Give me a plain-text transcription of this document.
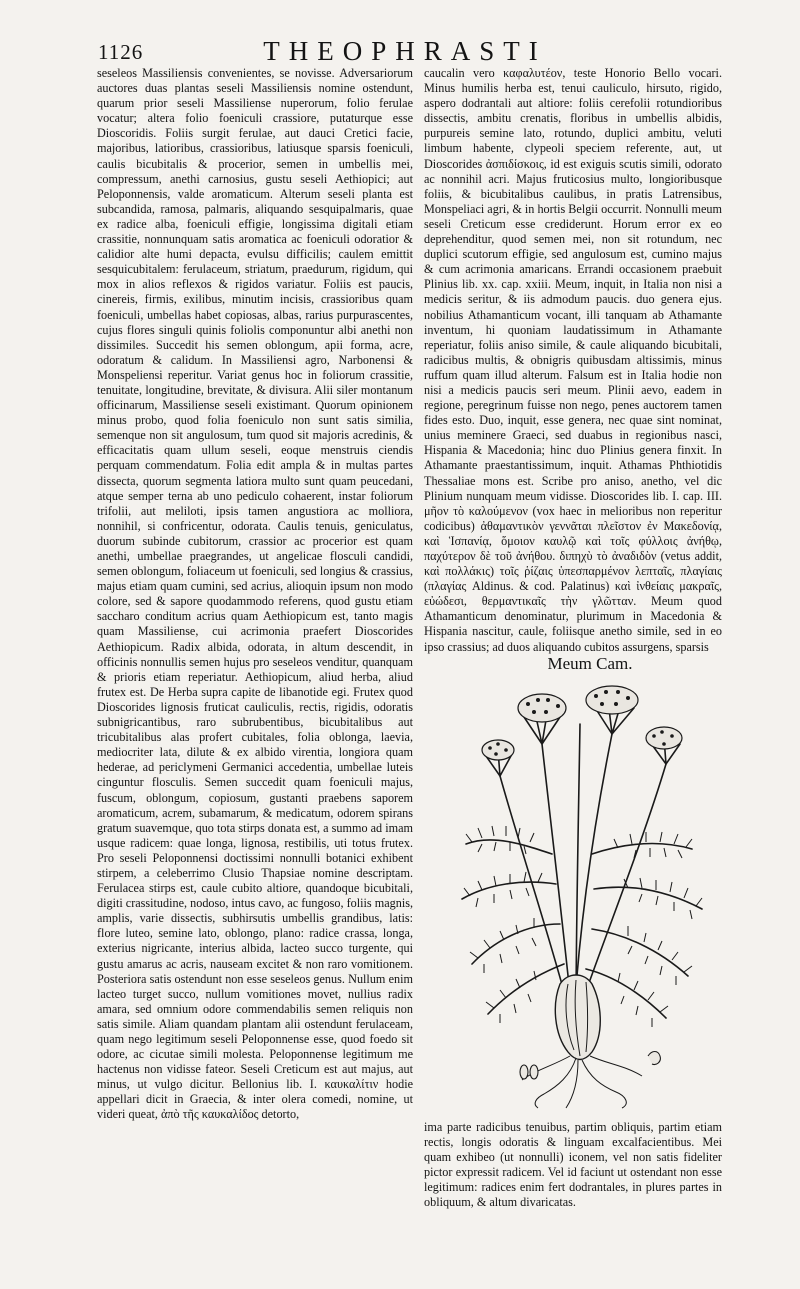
1126	THEOPHRASTI

seseleos Massiliensis convenientes, se novisse. Adversariorum auctores duas plantas seseli Massiliensis nomine ostendunt, quarum prior seseli Massiliense nuperorum, folio ferulae vocatur; altera folio foeniculi crassiore, putaturque esse Dioscoridis. Foliis surgit ferulae, aut dauci Cretici facie, majoribus, latioribus, crassioribus, latiusque sparsis foeniculi, caulis bicubitalis & procerior, semen in umbellis mei, compressum, anethi carnosius, gustu seseli Aethiopici; aut Peloponnensis, valde aromaticum. Alterum seseli planta est subcandida, ramosa, palmaris, aliquando sesquipalmaris, quae ex radice alba, foeniculi effigie, longissima digitali etiam crassitie, nonnunquam satis aromatica ac foeniculi odoratior & calidior alte humi depacta, evulsu difficilis; caulem emittit sesquicubitalem: ferulaceum, striatum, praedurum, rigidum, qui mox in alios reflexos & rigidos variatur. Foliis est paucis, cinereis, firmis, exilibus, minutim incisis, crassioribus quam foeniculi, umbellas habet copiosas, albas, rarius purpurascentes, cujus flores singuli quinis foliolis componuntur albi anethi non dissimiles. Succedit his semen oblongum, apii forma, acre, odoratum & calidum. In Massiliensi agro, Narbonensi & Monspeliensi reperitur. Variat genus hoc in foliorum crassitie, tenuitate, longitudine, brevitate, & divisura. Alii siler montanum officinarum, Massiliense seseli existimant. Quorum opinionem minus probo, quod folia foeniculo non sunt satis similia, semenque non sit angulosum, tum quod sit majoris acredinis, & efficacitatis quam ullum seseli, eoque menstruis ciendis perquam commendatum. Folia edit ampla & in multas partes dissecta, quorum segmenta latiora multo sunt quam peucedani, atque semper terna ab uno pediculo cohaerent, instar foliorum trifolii, aut meliloti, ipsis tamen angustiora ac molliora, nonnihil, si confricentur, odorata. Caulis tenuis, geniculatus, duorum subinde cubitorum, crassior ac procerior est quam anethi, umbellae praegrandes, ut angelicae flosculi candidi, semen oblongum, foliaceum ut foeniculi, sed longius & crassius, majus etiam quam cumini, sed acrius, alioquin ipsum non modo colore, sed & sapore quodammodo referens, quod gustu etiam saccharo conditum acrius quam Aethiopicum est, tanto magis quam Massiliense, cui acrimonia praefert Dioscorides Aethiopicum. Radix albida, odorata, in altum descendit, in officinis nonnullis semen hujus pro seseleos venditur, quanquam & prioris etiam reperiatur. Aethiopicum, aliud herba, aliud frutex est. De Herba supra capite de libanotide egi. Frutex quod Dioscorides lignosis fruticat cauliculis, rectis, rigidis, odoratis subnigricantibus, raro subrubentibus, bicubitalibus aut tricubitalibus alas profert cubitales, folia oblonga, laevia, mediocriter lata, dilute & ex albido virentia, longiora quam hederae, ad periclymeni Germanici accedentia, umbellae luteis cinguntur flosculis. Semen succedit quam foeniculi majus, fuscum, oblongum, copiosum, gustanti praebens saporem aromaticum, acrem, subamarum, & medicatum, odorem spirans gratum suavemque, quo tota stirps donata est, a summo ad imam usque radicem: quae longa, lignosa, restibilis, uti totus frutex. Pro seseli Peloponnensi doctissimi nonnulli botanici exhibent stirpem, a celeberrimo Clusio Thapsiae nomine descriptam. Ferulacea stirps est, caule cubito altiore, quandoque bicubitali, digiti crassitudine, nodoso, intus cavo, ac fungoso, foliis magnis, amplis, varie dissectis, subhirsutis umbellis grandibus, latis: flore luteo, semine lato, oblongo, plano: radice crassa, longa, exterius nigricante, interius albida, lacteo succo turgente, qui gustu amarus ac acris, nauseam excitet & non raro vomitionem. Posteriora satis ostendunt non esse seseleos genus. Nullum enim lacteo turget succo, nullum vomitiones movet, nullius radix amara, sed omnium odore commendabilis semen reliquis non satis simile. Aliam quandam plantam alii ostendunt ferulaceam, quam nego legitimum seseli Peloponnense esse, quod foedo sit odore, ac cicutae simili molesta. Peloponnense legitimum me hactenus non vidisse fateor. Seseli Creticum est aut majus, aut minus, ut vulgo dicitur. Bellonius lib. I. καυκαλίτιν hodie appellari dicit in Graecia, & inter olera comedi, nomine, ut videri queat, ἀπὸ τῆς καυκαλίδος detorto,

caucalin vero καφαλυτέον, teste Honorio Bello vocari. Minus humilis herba est, tenui cauliculo, hirsuto, rigido, aspero dodrantali aut altiore: foliis cerefolii rotundioribus dissectis, ambitu crenatis, floribus in umbellis albidis, purpureis semine lato, rotundo, duplici ambitu, veluti limbum habente, clypeoli speciem referente, aut, ut Dioscorides ἀσπιδίσκοις, id est exiguis scutis simili, odorato ac nonnihil acri. Majus fruticosius multo, longioribusque foliis, & bicubitalibus caulibus, in pratis Latrensibus, Monspeliaci agri, & in hortis Belgii occurrit. Nonnulli meum seseli Creticum esse crediderunt. Horum error ex eo deprehenditur, quod semen mei, non sit rotundum, nec duplici scutorum effigie, sed angulosum est, cumino majus & cum acrimonia amaricans. Errandi occasionem praebuit Plinius lib. xx. cap. xxiii. Meum, inquit, in Italia non nisi a medicis seritur, & iis admodum paucis. duo genera ejus. nobilius Athamanticum vocant, illi tanquam ab Athamante inventum, hi quoniam laudatissimum in Athamante reperiatur, foliis aniso simile, & caule aliquando bicubitali, radicibus multis, & obnigris quibusdam altissimis, minus ruffum quam illud alterum. Falsum est in Italia hodie non nisi a medicis paucis seri meum. Plinii aevo, eadem in regione, peregrinum fuisse non nego, penes auctorem tamen fides esto. Duo, inquit, esse genera, nec quae sint nominat, unius meminere Graeci, sed duabus in regionibus nasci, Hispania & Macedonia; hinc duo Plinius genera finxit. In Athamante praestantissimum, inquit. Athamas Phthiotidis Thessaliae mons est. Scribe pro aniso, anetho, vel dic Plinium nunquam meum vidisse. Dioscorides lib. I. cap. III. μῆον τὸ καλούμενον (vox haec in melioribus non reperitur codicibus) ἀθαμαντικὸν γεννᾶται πλεῖστον ἐν Μακεδονίᾳ, καὶ Ἱσπανίᾳ, ὅμοιον καυλῷ καὶ τοῖς φύλλοις ἀνήθῳ, παχύτερον δὲ τοῦ ἀνήθου. διπηχὺ τὸ ἀναδιδὸν (vetus addit, καὶ πολλάκις) τοῖς ῥίζαις ὑπεσπαρμένον λεπταῖς, πλαγίαις (πλαγίας Aldinus. & cod. Palatinus) καὶ ἰνθείαις μακραῖς, εὐώδεσι, θερμαντικαῖς τὴν γλῶτταν. Meum quod Athamanticum denominatur, plurimum in Macedonia & Hispania nascitur, caule, foliisque anetho simile, sed in eo ipso crassius; ad duos aliquando cubitos assurgens, sparsis

Meum Cam.

ima parte radicibus tenuibus, partim obliquis, partim etiam rectis, longis odoratis & linguam excalfacientibus. Mei quam exhibeo (ut nonnulli) iconem, vel non satis fideliter pictor expressit radicem. Vel id faciunt ut ostendant non esse legitimum: radices enim fert dodrantales, in plures partes in obliquum, & altum divaricatas.
